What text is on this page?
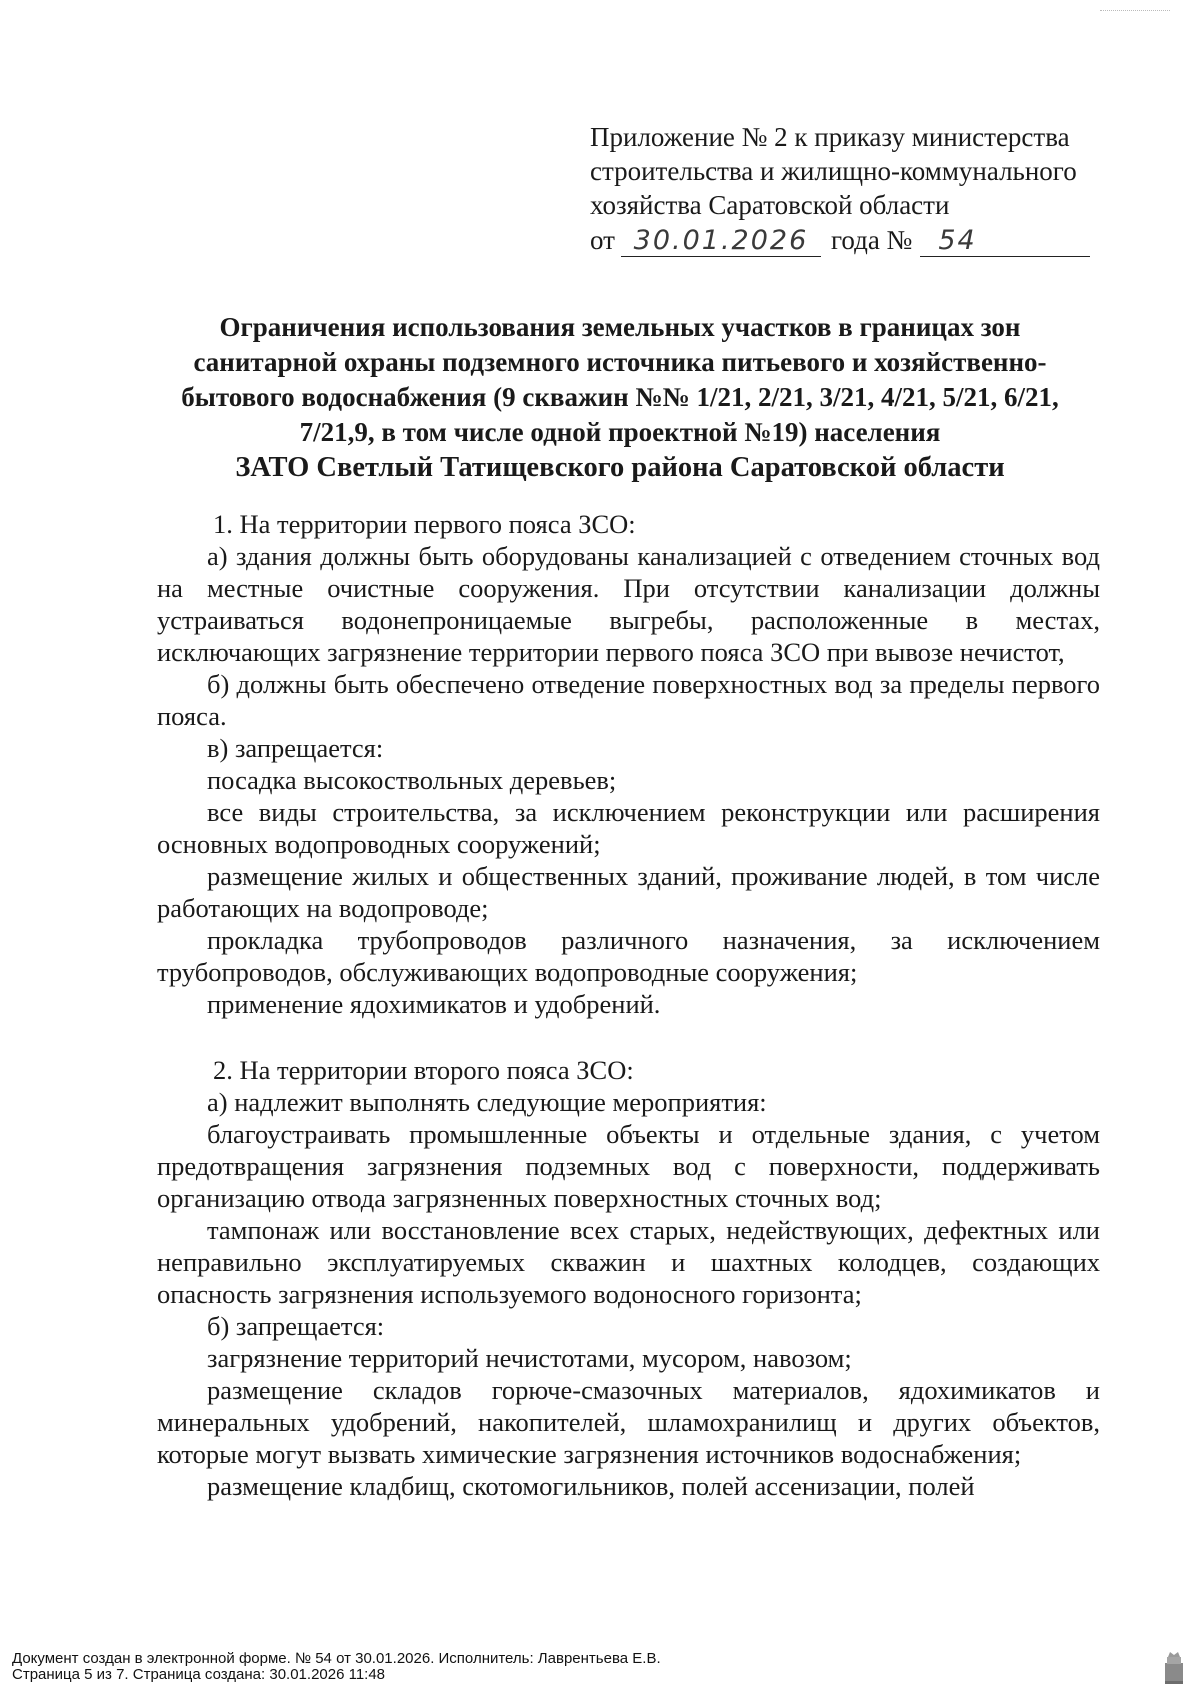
Приложение № 2 к приказу министерства
строительства и жилищно-коммунального
хозяйства Саратовской области
от 30.01.2026 года № 54
Ограничения использования земельных участков в границах зон
санитарной охраны подземного источника питьевого и хозяйственно-
бытового водоснабжения (9 скважин №№ 1/21, 2/21, 3/21, 4/21, 5/21, 6/21,
7/21,9, в том числе одной проектной №19) населения
ЗАТО Светлый Татищевского района Саратовской области

1. На территории первого пояса ЗСО:

а) здания должны быть оборудованы канализацией с отведением сточных вод на местные очистные сооружения. При отсутствии канализации должны устраиваться водонепроницаемые выгребы, расположенные в местах, исключающих загрязнение территории первого пояса ЗСО при вывозе нечистот,

б) должны быть обеспечено отведение поверхностных вод за пределы первого пояса.

в) запрещается:

посадка высокоствольных деревьев;

все виды строительства, за исключением реконструкции или расширения основных водопроводных сооружений;

размещение жилых и общественных зданий, проживание людей, в том числе работающих на водопроводе;

прокладка трубопроводов различного назначения, за исключением трубопроводов, обслуживающих водопроводные сооружения;

применение ядохимикатов и удобрений.

2. На территории второго пояса ЗСО:

а) надлежит выполнять следующие мероприятия:

благоустраивать промышленные объекты и отдельные здания, с учетом предотвращения загрязнения подземных вод с поверхности, поддерживать организацию отвода загрязненных поверхностных сточных вод;

тампонаж или восстановление всех старых, недействующих, дефектных или неправильно эксплуатируемых скважин и шахтных колодцев, создающих опасность загрязнения используемого водоносного горизонта;

б) запрещается:

загрязнение территорий нечистотами, мусором, навозом;

размещение складов горюче-смазочных материалов, ядохимикатов и минеральных удобрений, накопителей, шламохранилищ и других объектов, которые могут вызвать химические загрязнения источников водоснабжения;

размещение кладбищ, скотомогильников, полей ассенизации, полей

Документ создан в электронной форме. № 54 от 30.01.2026. Исполнитель: Лаврентьева Е.В.
Страница 5 из 7. Страница создана: 30.01.2026 11:48
